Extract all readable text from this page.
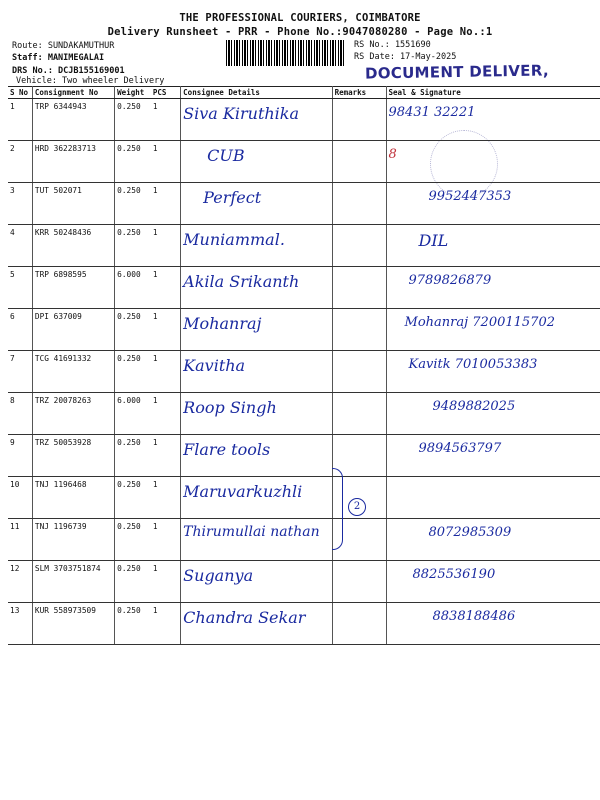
THE PROFESSIONAL COURIERS, COIMBATORE
Delivery Runsheet - PRR - Phone No.:9047080280 - Page No.:1
Route: SUNDAKAMUTHUR
Staff: MANIMEGALAI
DRS No.: DCJB155169001
Vehicle: Two wheeler Delivery
RS No.: 1551690
RS Date: 17-May-2025
DOCUMENT DELIVER,
S No	Consignment No	Weight	PCS	Consignee Details	Remarks	Seal & Signature
1	TRP 6344943	0.250	1	Siva Kiruthika		98431 32221
2	HRD 362283713	0.250	1	CUB		8
3	TUT 502071	0.250	1	Perfect		9952447353
4	KRR 50248436	0.250	1	Muniammal.		DIL
5	TRP 6898595	6.000	1	Akila Srikanth		9789826879
6	DPI 637009	0.250	1	Mohanraj		Mohanraj 7200115702
7	TCG 41691332	0.250	1	Kavitha		Kavitk 7010053383
8	TRZ 20078263	6.000	1	Roop Singh		9489882025
9	TRZ 50053928	0.250	1	Flare tools		9894563797
10	TNJ 1196468	0.250	1	Maruvarkuzhli		
11	TNJ 1196739	0.250	1	Thirumullai nathan		8072985309
12	SLM 3703751874	0.250	1	Suganya		8825536190
13	KUR 558973509	0.250	1	Chandra Sekar		8838188486
2
